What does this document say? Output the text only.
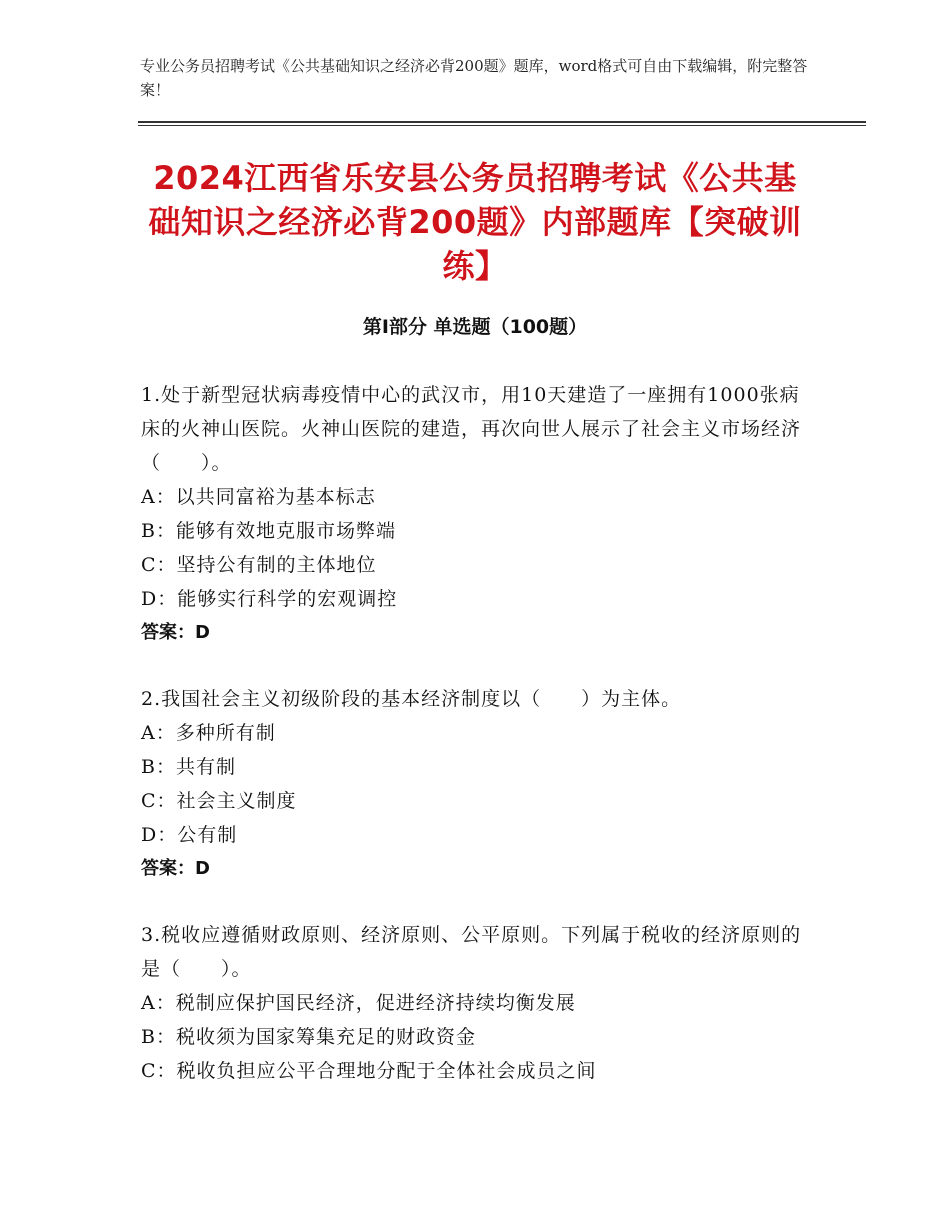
专业公务员招聘考试《公共基础知识之经济必背200题》题库，word格式可自由下载编辑，附完整答案！
2024江西省乐安县公务员招聘考试《公共基础知识之经济必背200题》内部题库【突破训练】
第I部分 单选题（100题）
1.处于新型冠状病毒疫情中心的武汉市，用10天建造了一座拥有1000张病床的火神山医院。火神山医院的建造，再次向世人展示了社会主义市场经济（　　）。
A：以共同富裕为基本标志
B：能够有效地克服市场弊端
C：坚持公有制的主体地位
D：能够实行科学的宏观调控
答案：D
2.我国社会主义初级阶段的基本经济制度以（　　）为主体。
A：多种所有制
B：共有制
C：社会主义制度
D：公有制
答案：D
3.税收应遵循财政原则、经济原则、公平原则。下列属于税收的经济原则的是（　　）。
A：税制应保护国民经济，促进经济持续均衡发展
B：税收须为国家筹集充足的财政资金
C：税收负担应公平合理地分配于全体社会成员之间
